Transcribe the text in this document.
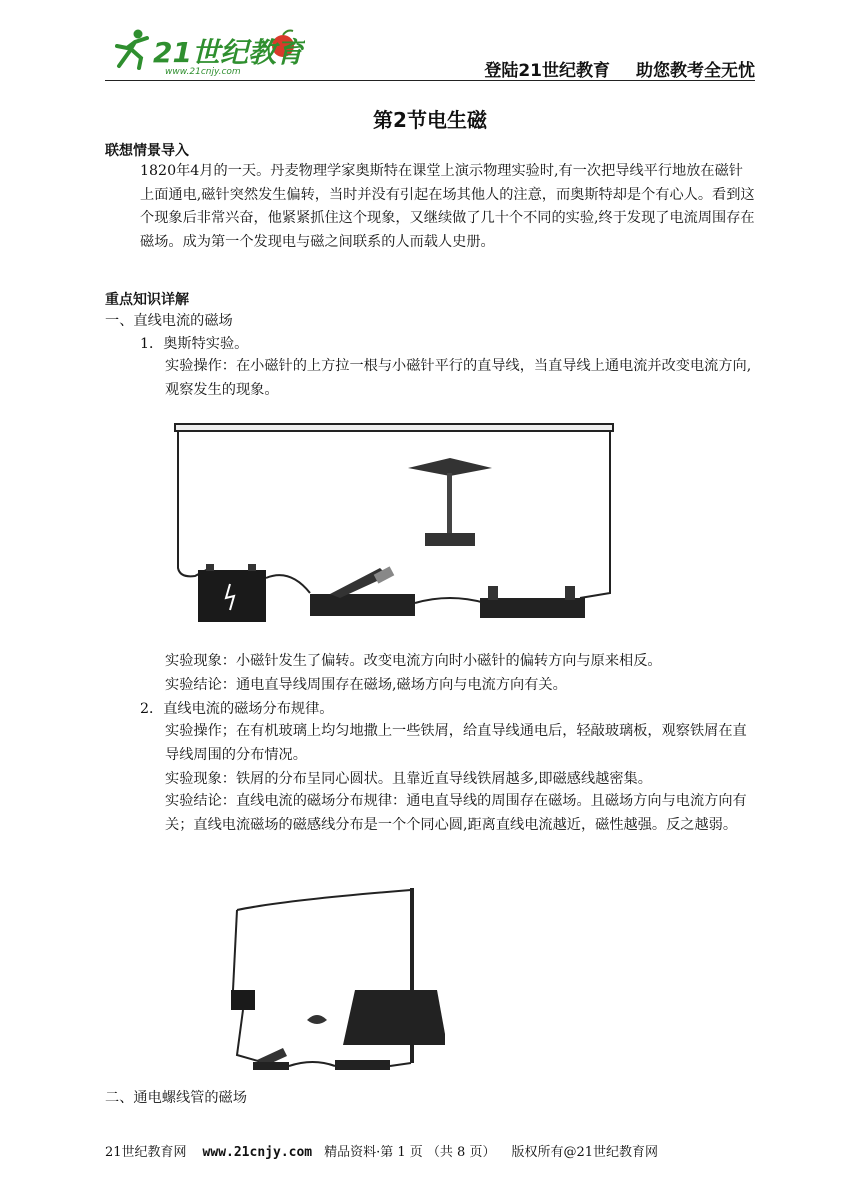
21世纪教育
www.21cnjy.com	登陆21世纪教育 助您教考全无忧
第2节电生磁
联想情景导入
1820年4月的一天。丹麦物理学家奥斯特在课堂上演示物理实验时,有一次把导线平行地放在磁针上面通电,磁针突然发生偏转，当时并没有引起在场其他人的注意，而奥斯特却是个有心人。看到这个现象后非常兴奋，他紧紧抓住这个现象，又继续做了几十个不同的实验,终于发现了电流周围存在磁场。成为第一个发现电与磁之间联系的人而载人史册。
重点知识详解
一、直线电流的磁场
1．奥斯特实验。
实验操作：在小磁针的上方拉一根与小磁针平行的直导线，当直导线上通电流并改变电流方向,观察发生的现象。
实验现象：小磁针发生了偏转。改变电流方向时小磁针的偏转方向与原来相反。
实验结论：通电直导线周围存在磁场,磁场方向与电流方向有关。
2．直线电流的磁场分布规律。
实验操作；在有机玻璃上均匀地撒上一些铁屑，给直导线通电后，轻敲玻璃板，观察铁屑在直导线周围的分布情况。
实验现象：铁屑的分布呈同心圆状。且靠近直导线铁屑越多,即磁感线越密集。
实验结论：直线电流的磁场分布规律：通电直导线的周围存在磁场。且磁场方向与电流方向有关；直线电流磁场的磁感线分布是一个个同心圆,距离直线电流越近，磁性越强。反之越弱。
二、通电螺线管的磁场
21世纪教育网 www.21cnjy.com 精品资料·第 1 页 （共 8 页） 版权所有@21世纪教育网
